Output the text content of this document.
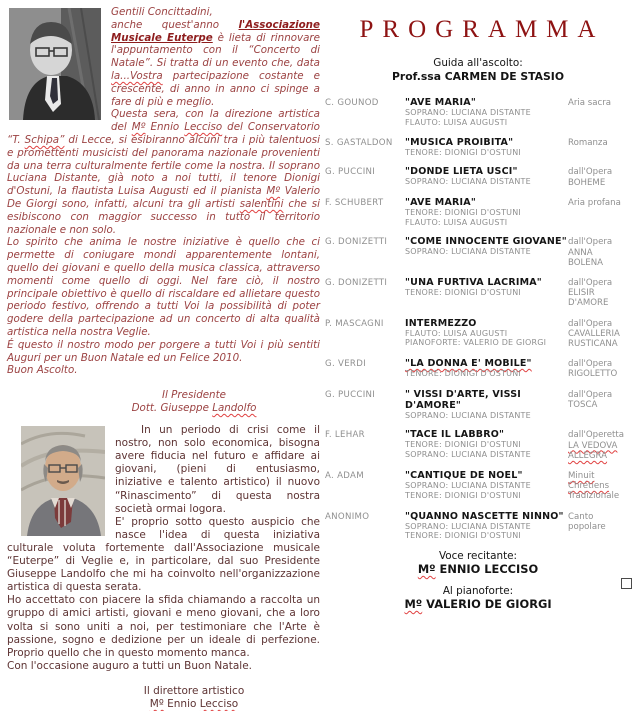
Gentili Concittadini,

anche quest'anno l'Associazione Musicale Euterpe è lieta di rinnovare l'appuntamento con il “Concerto di Natale”. Si tratta di un evento che, data la...Vostra partecipazione costante e crescente, di anno in anno ci spinge a fare di più e meglio.

Questa sera, con la direzione artistica del Mº Ennio Lecciso del Conservatorio “T. Schipa” di Lecce, si esibiranno alcuni tra i più talentuosi e promettenti musicisti del panorama nazionale provenienti da una terra culturalmente fertile come la nostra. Il soprano Luciana Distante, già noto a noi tutti, il tenore Dionigi d'Ostuni, la flautista Luisa Augusti ed il pianista Mº Valerio De Giorgi sono, infatti, alcuni tra gli artisti salentini che si esibiscono con maggior successo in tutto il territorio nazionale e non solo.

Lo spirito che anima le nostre iniziative è quello che ci permette di coniugare mondi apparentemente lontani, quello dei giovani e quello della musica classica, attraverso momenti come quello di oggi. Nel fare ciò, il nostro principale obiettivo è quello di riscaldare ed allietare questo periodo festivo, offrendo a tutti Voi la possibilità di poter godere della partecipazione ad un concerto di alta qualità artistica nella nostra Veglie.

É questo il nostro modo per porgere a tutti Voi i più sentiti Auguri per un Buon Natale ed un Felice 2010.

Buon Ascolto.

Il Presidente
Dott. Giuseppe Landolfo

In un periodo di crisi come il nostro, non solo economica, bisogna avere fiducia nel futuro e affidare ai giovani, (pieni di entusiasmo, iniziative e talento artistico) il nuovo “Rinascimento” di questa nostra società ormai logora.

E' proprio sotto questo auspicio che nasce l'idea di questa iniziativa culturale voluta fortemente dall'Associazione musicale “Euterpe” di Veglie e, in particolare, dal suo Presidente Giuseppe Landolfo che mi ha coinvolto nell'organizzazione artistica di questa serata.

Ho accettato con piacere la sfida chiamando a raccolta un gruppo di amici artisti, giovani e meno giovani, che a loro volta si sono uniti a noi, per testimoniare che l'Arte è passione, sogno e dedizione per un ideale di perfezione. Proprio quello che in questo momento manca.

Con l'occasione auguro a tutti un Buon Natale.

Il direttore artistico
Mº Ennio Lecciso
PROGRAMMA
Guida all'ascolto:
Prof.ssa CARMEN DE STASIO
C. GOUNOD	"AVE MARIA"
SOPRANO: LUCIANA DISTANTE
FLAUTO: LUISA AUGUSTI
Aria sacra
S. GASTALDON	"MUSICA PROIBITA"
TENORE: DIONIGI D'OSTUNI
Romanza
G. PUCCINI	"DONDE LIETA USCI"
SOPRANO: LUCIANA DISTANTE
dall'Opera
BOHEME
F. SCHUBERT	"AVE MARIA"
TENORE: DIONIGI D'OSTUNI
FLAUTO: LUISA AUGUSTI
Aria profana
G. DONIZETTI	"COME INNOCENTE GIOVANE"
SOPRANO: LUCIANA DISTANTE
dall'Opera
ANNA
BOLENA
G. DONIZETTI	"UNA FURTIVA LACRIMA"
TENORE: DIONIGI D'OSTUNI
dall'Opera
ELISIR
D'AMORE
P. MASCAGNI	INTERMEZZO
FLAUTO: LUISA AUGUSTI
PIANOFORTE: VALERIO DE GIORGI
dall'Opera
CAVALLERIA
RUSTICANA
G. VERDI	"LA DONNA E' MOBILE"
TENORE: DIONIGI D'OSTUNI
dall'Opera
RIGOLETTO
G. PUCCINI	" VISSI D'ARTE, VISSI D'AMORE"
SOPRANO: LUCIANA DISTANTE
dall'Opera
TOSCA
F. LEHAR	"TACE IL LABBRO"
TENORE: DIONIGI D'OSTUNI
SOPRANO: LUCIANA DISTANTE
dall'Operetta
LA VEDOVA
ALLEGRA
A. ADAM	"CANTIQUE DE NOEL"
SOPRANO: LUCIANA DISTANTE
TENORE: DIONIGI D'OSTUNI
Minuit
Chrétiens
Tradizionale
ANONIMO	"QUANNO NASCETTE NINNO"
SOPRANO: LUCIANA DISTANTE
TENORE: DIONIGI D'OSTUNI
Canto
popolare
Voce recitante:
Mº ENNIO LECCISO
Al pianoforte:
Mº VALERIO DE GIORGI
